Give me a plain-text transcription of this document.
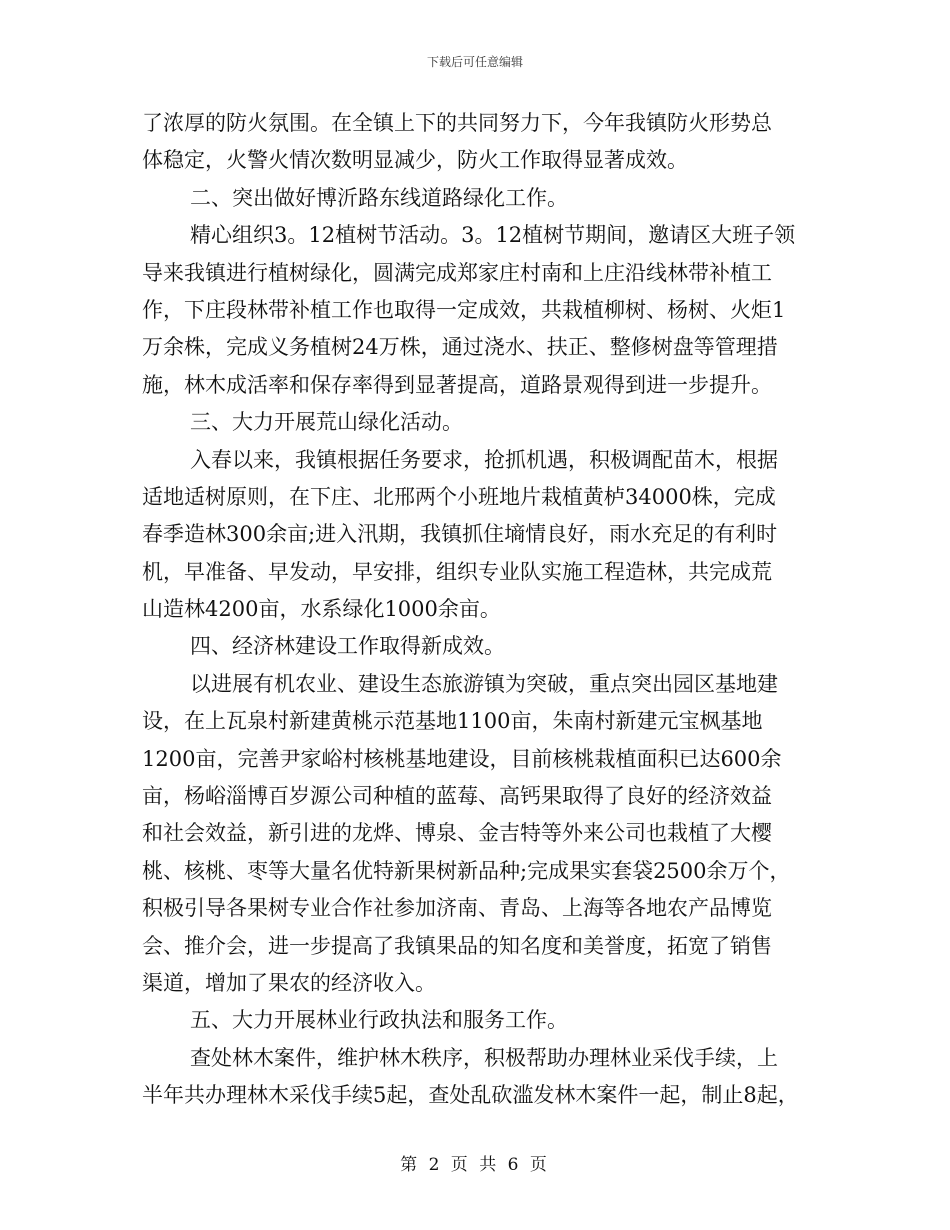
下载后可任意编辑
了浓厚的防火氛围。在全镇上下的共同努力下，今年我镇防火形势总
体稳定，火警火情次数明显减少，防火工作取得显著成效。
二、突出做好博沂路东线道路绿化工作。
精心组织3。12植树节活动。3。12植树节期间，邀请区大班子领
导来我镇进行植树绿化，圆满完成郑家庄村南和上庄沿线林带补植工
作，下庄段林带补植工作也取得一定成效，共栽植柳树、杨树、火炬1
万余株，完成义务植树24万株，通过浇水、扶正、整修树盘等管理措
施，林木成活率和保存率得到显著提高，道路景观得到进一步提升。
三、大力开展荒山绿化活动。
入春以来，我镇根据任务要求，抢抓机遇，积极调配苗木，根据
适地适树原则，在下庄、北邢两个小班地片栽植黄栌34000株，完成
春季造林300余亩;进入汛期，我镇抓住墒情良好，雨水充足的有利时
机，早准备、早发动，早安排，组织专业队实施工程造林，共完成荒
山造林4200亩，水系绿化1000余亩。
四、经济林建设工作取得新成效。
以进展有机农业、建设生态旅游镇为突破，重点突出园区基地建
设，在上瓦泉村新建黄桃示范基地1100亩，朱南村新建元宝枫基地
1200亩，完善尹家峪村核桃基地建设，目前核桃栽植面积已达600余
亩，杨峪淄博百岁源公司种植的蓝莓、高钙果取得了良好的经济效益
和社会效益，新引进的龙烨、博泉、金吉特等外来公司也栽植了大樱
桃、核桃、枣等大量名优特新果树新品种;完成果实套袋2500余万个，
积极引导各果树专业合作社参加济南、青岛、上海等各地农产品博览
会、推介会，进一步提高了我镇果品的知名度和美誉度，拓宽了销售
渠道，增加了果农的经济收入。
五、大力开展林业行政执法和服务工作。
查处林木案件，维护林木秩序，积极帮助办理林业采伐手续，上
半年共办理林木采伐手续5起，查处乱砍滥发林木案件一起，制止8起，
第 2 页 共 6 页
